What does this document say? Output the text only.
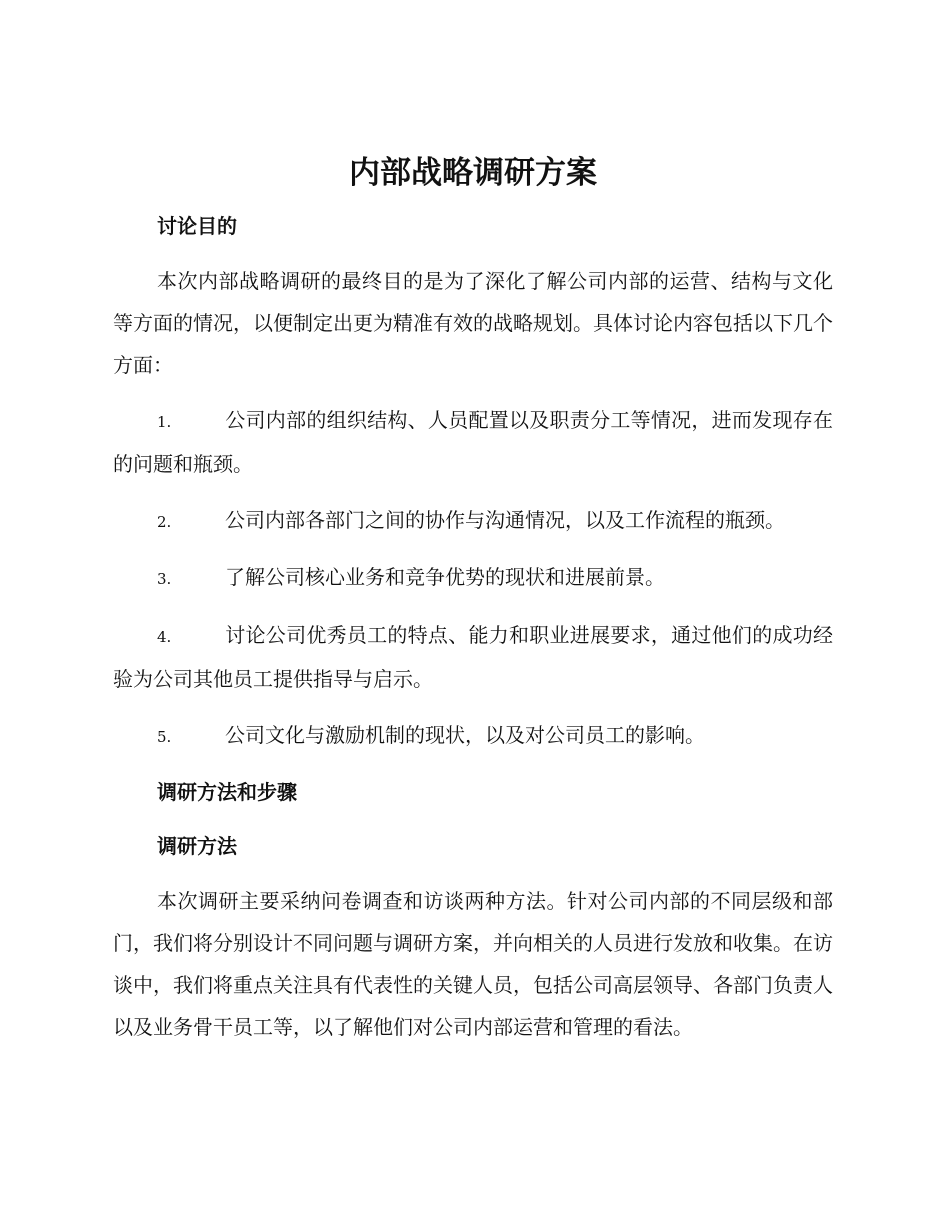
内部战略调研方案
讨论目的

本次内部战略调研的最终目的是为了深化了解公司内部的运营、结构与文化等方面的情况，以便制定出更为精准有效的战略规划。具体讨论内容包括以下几个方面：

1.	公司内部的组织结构、人员配置以及职责分工等情况，进而发现存在的问题和瓶颈。
2.	公司内部各部门之间的协作与沟通情况，以及工作流程的瓶颈。
3.	了解公司核心业务和竞争优势的现状和进展前景。
4.	讨论公司优秀员工的特点、能力和职业进展要求，通过他们的成功经验为公司其他员工提供指导与启示。
5.	公司文化与激励机制的现状，以及对公司员工的影响。
调研方法和步骤
调研方法

本次调研主要采纳问卷调查和访谈两种方法。针对公司内部的不同层级和部门，我们将分别设计不同问题与调研方案，并向相关的人员进行发放和收集。在访谈中，我们将重点关注具有代表性的关键人员，包括公司高层领导、各部门负责人以及业务骨干员工等，以了解他们对公司内部运营和管理的看法。
